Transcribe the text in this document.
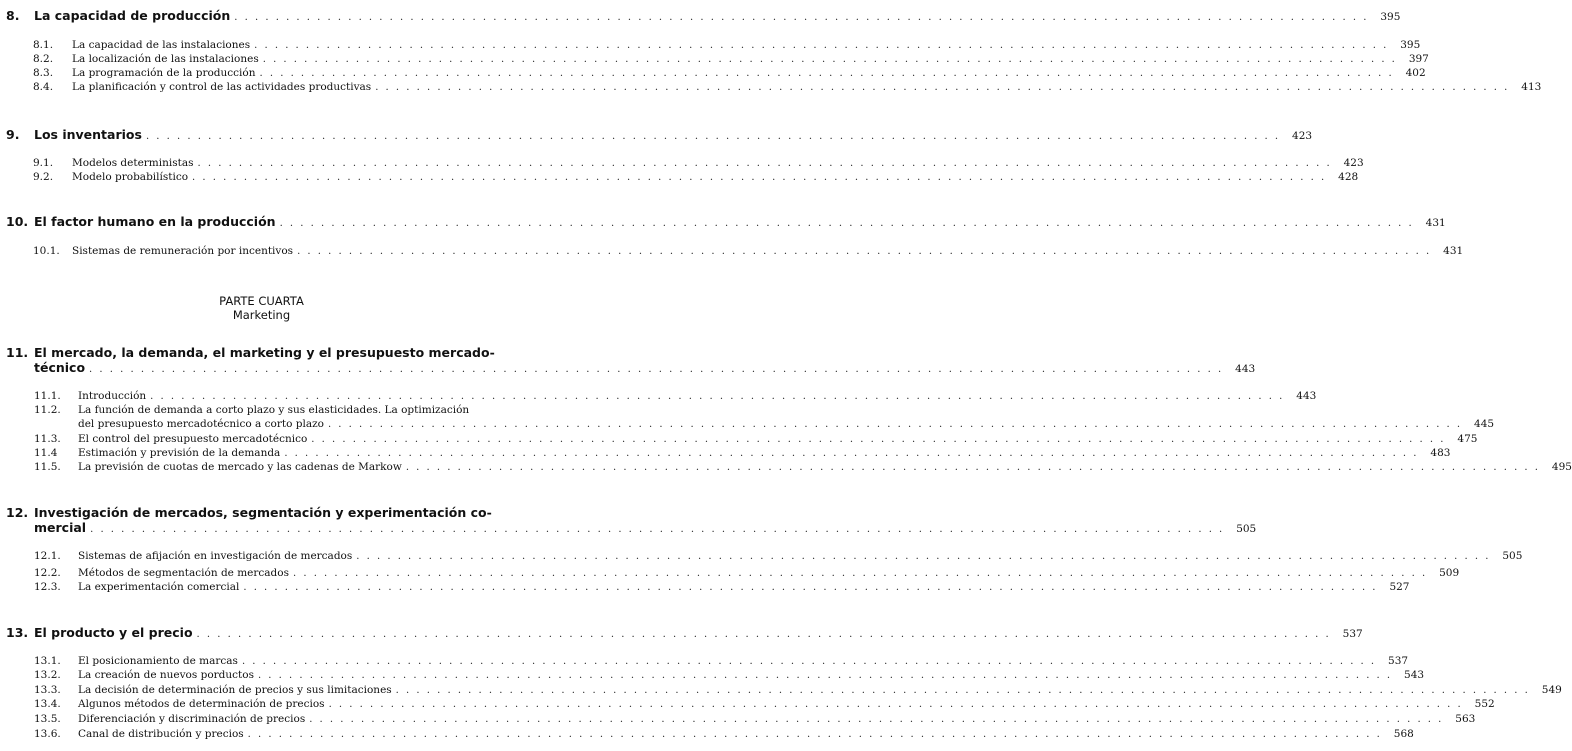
8. La capacidad de producción . . .	395
8.1. La capacidad de las instalaciones . . .	395
8.2. La localización de las instalaciones . . .	397
8.3. La programación de la producción . . .	402
8.4. La planificación y control de las actividades productivas . . .	413
9. Los inventarios . . .	423
9.1. Modelos deterministas . . .	423
9.2. Modelo probabilístico . . .	428
10. El factor humano en la producción . . .	431
10.1. Sistemas de remuneración por incentivos . . .	431
PARTE CUARTA
Marketing
11. El mercado, la demanda, el marketing y el presupuesto mercado-
técnico . . .	443
11.1. Introducción . . .	443
11.2. La función de demanda a corto plazo y sus elasticidades. La optimización
del presupuesto mercadotécnico a corto plazo . . .	445
11.3. El control del presupuesto mercadotécnico . . .	475
11.4 Estimación y previsión de la demanda . . .	483
11.5. La previsión de cuotas de mercado y las cadenas de Markow . . .	495
12. Investigación de mercados, segmentación y experimentación co-
mercial . . .	505
12.1. Sistemas de afijación en investigación de mercados . . .	505
12.2. Métodos de segmentación de mercados . . .	509
12.3. La experimentación comercial . . .	527
13. El producto y el precio . . .	537
13.1. El posicionamiento de marcas . . .	537
13.2. La creación de nuevos porductos . . .	543
13.3. La decisión de determinación de precios y sus limitaciones . . .	549
13.4. Algunos métodos de determinación de precios . . .	552
13.5. Diferenciación y discriminación de precios . . .	563
13.6. Canal de distribución y precios . . .	568
